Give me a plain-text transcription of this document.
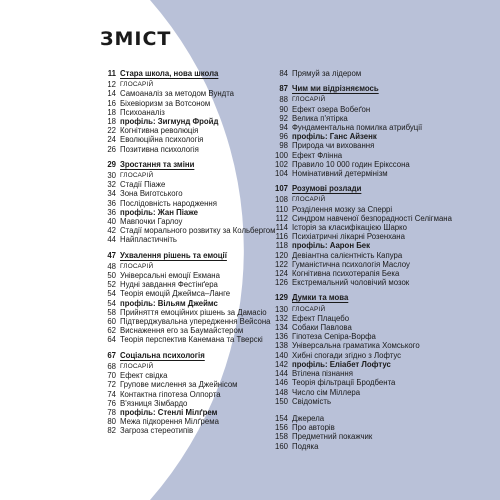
ЗМІСТ
11 Стара школа, нова школа
12 ГЛОСАРІЙ
14 Самоаналіз за методом Вундта
16 Біхевіоризм за Вотсоном
18 Психоаналіз
18 профіль: Зигмунд Фройд
22 Когнітивна революція
24 Еволюційна психологія
26 Позитивна психологія
29 Зростання та зміни
30 ГЛОСАРІЙ
32 Стадії Піаже
34 Зона Виготського
36 Послідовність народження
36 профіль: Жан Піаже
40 Мавпочки Гарлоу
42 Стадії морального розвитку за Кольбергом
44 Найпластичніть
47 Ухвалення рішень та емоції
48 ГЛОСАРІЙ
50 Універсальні емоції Екмана
52 Нудні завдання Фестінґера
54 Теорія емоцій Джеймса–Ланге
54 профіль: Вільям Джеймс
58 Прийняття емоційних рішень за Дамасіо
60 Підтверджувальна упередження Вейсона
62 Виснаження его за Баумайстером
64 Теорія перспектив Канемана та Тверскі
67 Соціальна психологія
68 ГЛОСАРІЙ
70 Ефект свідка
72 Групове мислення за Джейнісом
74 Контактна гіпотеза Олпорта
76 В'язниця Зімбардо
78 профіль: Стенлі Мілґрем
80 Межа підкорення Мілґрема
82 Загроза стереотипів
84 Прямуй за лідером
87 Чим ми відрізняємось
88 ГЛОСАРІЙ
90 Ефект озера Вобеґон
92 Велика п'ятірка
94 Фундаментальна помилка атрибуції
96 профіль: Ганс Айзенк
98 Природа чи виховання
100 Ефект Флінна
102 Правило 10 000 годин Ерікссона
104 Номінативний детермінізм
107 Розумові розлади
108 ГЛОСАРІЙ
110 Розділення мозку за Сперрі
112 Синдром навченої безпорадності Селігмана
114 Історія за класифікацією Шарко
116 Психіатричні лікарні Розенхана
118 профіль: Аарон Бек
120 Девіантна салієнтність Капура
122 Гуманістична психологія Маслоу
124 Когнітивна психотерапія Бека
126 Екстремальний чоловічий мозок
129 Думки та мова
130 ГЛОСАРІЙ
132 Ефект Плацебо
134 Собаки Павлова
136 Гіпотеза Сепіра-Ворфа
138 Універсальна граматика Хомського
140 Хибні спогади згідно з Лофтус
142 профіль: Еліабет Лофтус
144 Втілена пізнання
146 Теорія фільтрації Бродбента
148 Число сім Міллера
150 Свідомість
154 Джерела
156 Про авторів
158 Предметний покажчик
160 Подяка
